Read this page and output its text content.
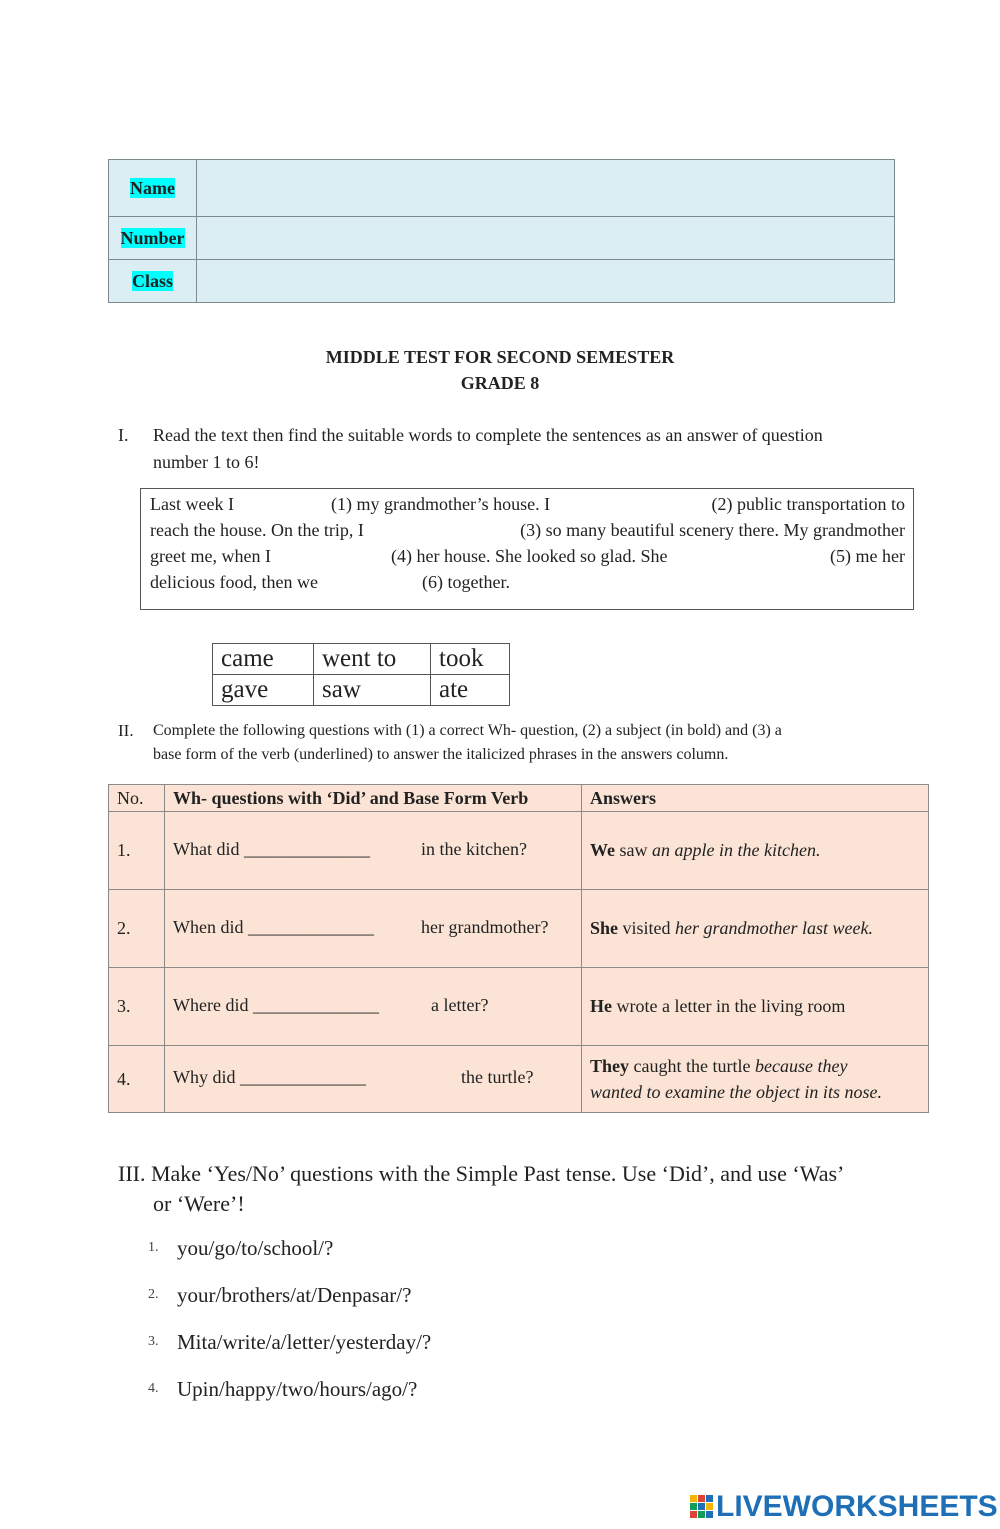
Name	
Number	
Class	
MIDDLE TEST FOR SECOND SEMESTER
GRADE 8
I. Read the text then find the suitable words to complete the sentences as an answer of question
number 1 to 6!
Last week I	(1) my grandmother’s house. I	(2) public transportation to
reach the house. On the trip, I	(3) so many beautiful scenery there. My grandmother
greet me, when I	(4) her house. She looked so glad. She	(5) me her
delicious food, then we	(6) together.
came	went to	took
gave	saw	ate
II. Complete the following questions with (1) a correct Wh- question, (2) a subject (in bold) and (3) a
base form of the verb (underlined) to answer the italicized phrases in the answers column.
No.	Wh- questions with ‘Did’ and Base Form Verb	Answers
1.	What did ______________ in the kitchen?	We saw an apple in the kitchen.
2.	When did ______________ her grandmother?	She visited her grandmother last week.
3.	Where did ______________ a letter?	He wrote a letter in the living room
4.	Why did ______________ the turtle?	They caught the turtle because they
wanted to examine the object in its nose.
III. Make ‘Yes/No’ questions with the Simple Past tense. Use ‘Did’, and use ‘Was’
or ‘Were’!
1. you/go/to/school/?
2. your/brothers/at/Denpasar/?
3. Mita/write/a/letter/yesterday/?
4. Upin/happy/two/hours/ago/?
LIVEWORKSHEETS
